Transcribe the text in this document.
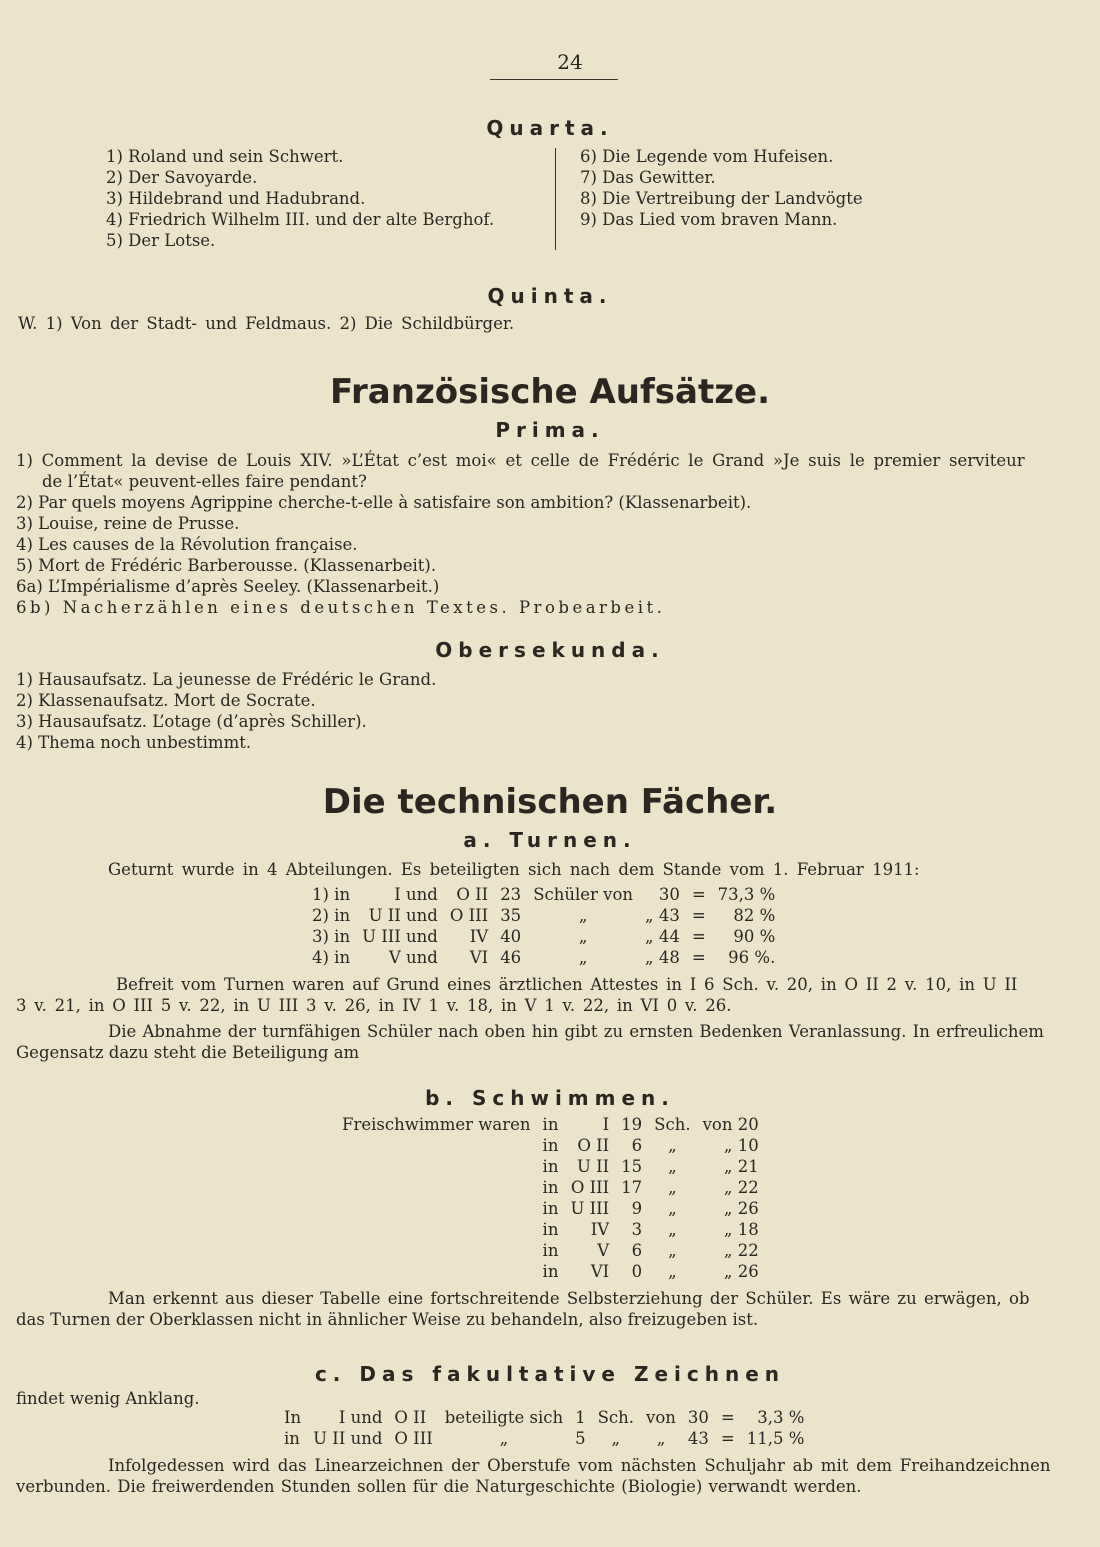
24
Quarta.
1) Roland und sein Schwert.
2) Der Savoyarde.
3) Hildebrand und Hadubrand.
4) Friedrich Wilhelm III. und der alte Berghof.
5) Der Lotse.
6) Die Legende vom Hufeisen.
7) Das Gewitter.
8) Die Vertreibung der Landvögte
9) Das Lied vom braven Mann.
Quinta.
W. 1) Von der Stadt- und Feldmaus. 2) Die Schildbürger.
Französische Aufsätze.
Prima.
1) Comment la devise de Louis XIV. »L’État c’est moi« et celle de Frédéric le Grand »Je suis le premier serviteur
de l’État« peuvent-elles faire pendant?
2) Par quels moyens Agrippine cherche-t-elle à satisfaire son ambition? (Klassenarbeit).
3) Louise, reine de Prusse.
4) Les causes de la Révolution française.
5) Mort de Frédéric Barberousse. (Klassenarbeit).
6a) L’Impérialisme d’après Seeley. (Klassenarbeit.)
6b) Nacherzählen eines deutschen Textes. Probearbeit.
Obersekunda.
1) Hausaufsatz. La jeunesse de Frédéric le Grand.
2) Klassenaufsatz. Mort de Socrate.
3) Hausaufsatz. L’otage (d’après Schiller).
4) Thema noch unbestimmt.
Die technischen Fächer.
a. Turnen.
Geturnt wurde in 4 Abteilungen. Es beteiligten sich nach dem Stande vom 1. Februar 1911:
1) in	I und	O II	23	Schüler von	30	=	73,3 %
2) in	U II und	O III	35	„	„ 43	=	82 %
3) in	U III und	IV	40	„	„ 44	=	90 %
4) in	V und	VI	46	„	„ 48	=	96 %.
Befreit vom Turnen waren auf Grund eines ärztlichen Attestes in I 6 Sch. v. 20, in O II 2 v. 10, in U II
3 v. 21, in O III 5 v. 22, in U III 3 v. 26, in IV 1 v. 18, in V 1 v. 22, in VI 0 v. 26.
Die Abnahme der turnfähigen Schüler nach oben hin gibt zu ernsten Bedenken Veranlassung. In erfreulichem
Gegensatz dazu steht die Beteiligung am
b. Schwimmen.
Freischwimmer waren	in	I	19	Sch.	von 20
	in	O II	6	„	„ 10
	in	U II	15	„	„ 21
	in	O III	17	„	„ 22
	in	U III	9	„	„ 26
	in	IV	3	„	„ 18
	in	V	6	„	„ 22
	in	VI	0	„	„ 26
Man erkennt aus dieser Tabelle eine fortschreitende Selbsterziehung der Schüler. Es wäre zu erwägen, ob
das Turnen der Oberklassen nicht in ähnlicher Weise zu behandeln, also freizugeben ist.
c. Das fakultative Zeichnen
findet wenig Anklang.
In	I und	O II	beteiligte sich	1	Sch.	von	30	=	3,3 %
in	U II und	O III	„	5	„	„	43	=	11,5 %
Infolgedessen wird das Linearzeichnen der Oberstufe vom nächsten Schuljahr ab mit dem Freihandzeichnen
verbunden. Die freiwerdenden Stunden sollen für die Naturgeschichte (Biologie) verwandt werden.
